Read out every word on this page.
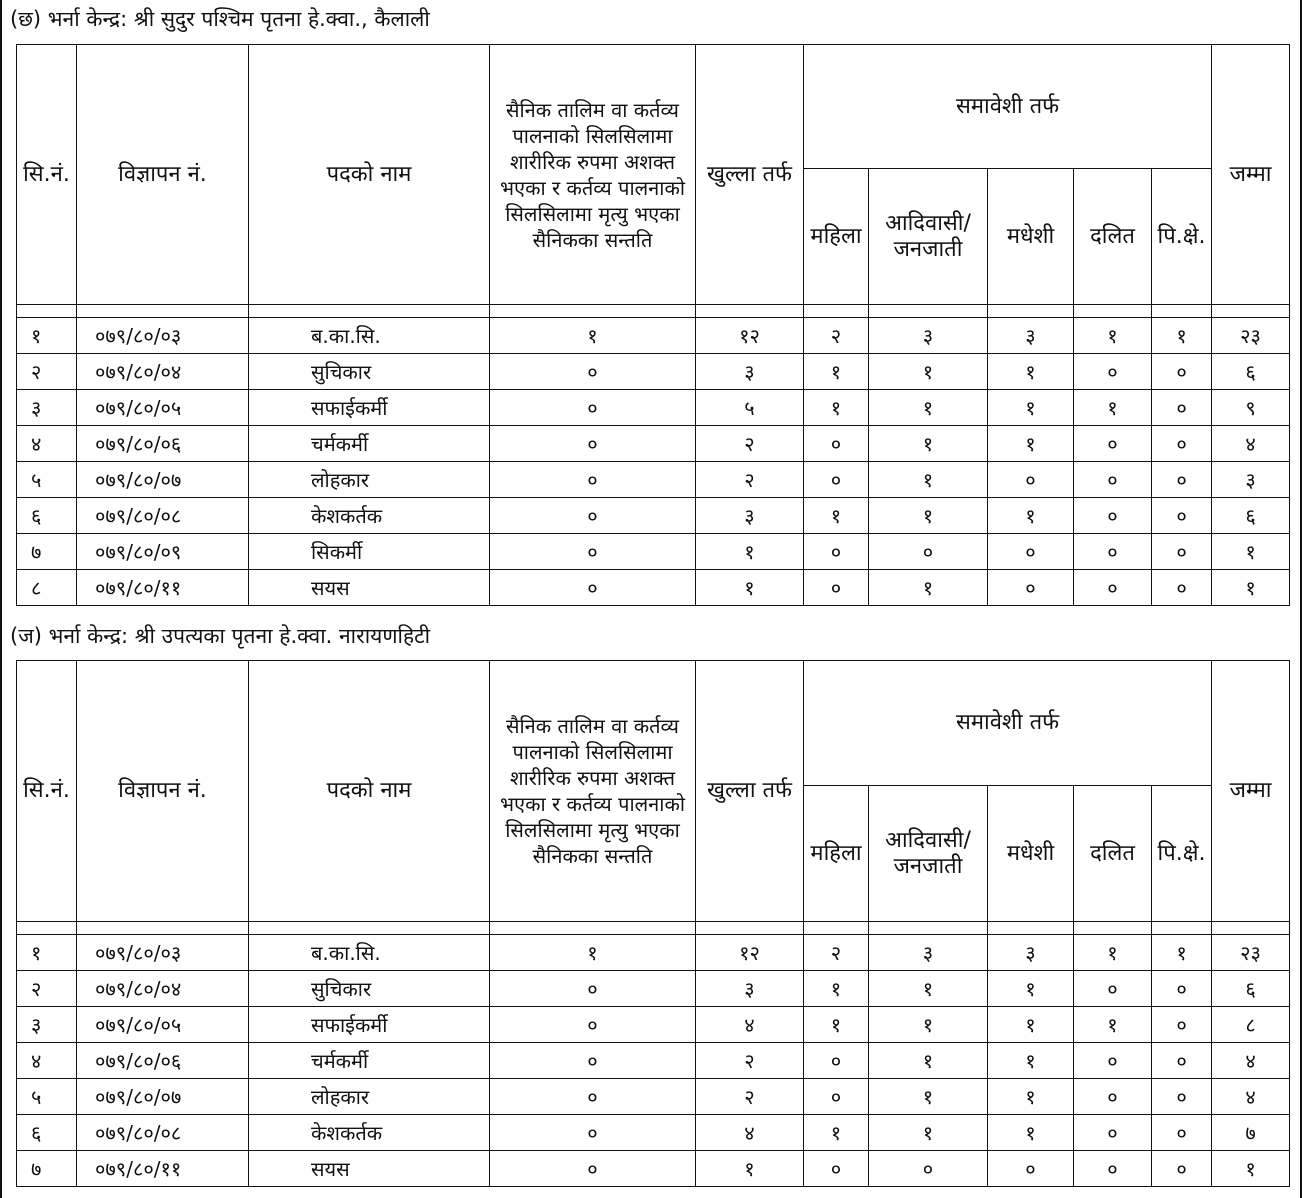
(छ) भर्ना केन्द्र: श्री सुदुर पश्चिम पृतना हे.क्वा., कैलाली
सि.नं.	विज्ञापन नं.	पदको नाम	सैनिक तालिम वा कर्तव्य पालनाको सिलसिलामा शारीरिक रुपमा अशक्त भएका र कर्तव्य पालनाको सिलसिलामा मृत्यु भएका सैनिकका सन्तति	खुल्ला तर्फ	समावेशी तर्फ					जम्मा
					महिला	आदिवासी/ जनजाती	मधेशी	दलित	पि.क्षे.	

१	०७९/८०/०३	ब.का.सि.	१	१२	२	३	३	१	१	२३
२	०७९/८०/०४	सुचिकार	०	३	१	१	१	०	०	६
३	०७९/८०/०५	सफाईकर्मी	०	५	१	१	१	१	०	९
४	०७९/८०/०६	चर्मकर्मी	०	२	०	१	१	०	०	४
५	०७९/८०/०७	लोहकार	०	२	०	१	०	०	०	३
६	०७९/८०/०८	केशकर्तक	०	३	१	१	१	०	०	६
७	०७९/८०/०९	सिकर्मी	०	१	०	०	०	०	०	१
८	०७९/८०/११	सयस	०	१	०	१	०	०	०	१
(ज) भर्ना केन्द्र: श्री उपत्यका पृतना हे.क्वा. नारायणहिटी
सि.नं.	विज्ञापन नं.	पदको नाम	सैनिक तालिम वा कर्तव्य पालनाको सिलसिलामा शारीरिक रुपमा अशक्त भएका र कर्तव्य पालनाको सिलसिलामा मृत्यु भएका सैनिकका सन्तति	खुल्ला तर्फ	समावेशी तर्फ					जम्मा
					महिला	आदिवासी/ जनजाती	मधेशी	दलित	पि.क्षे.	

१	०७९/८०/०३	ब.का.सि.	१	१२	२	३	३	१	१	२३
२	०७९/८०/०४	सुचिकार	०	३	१	१	१	०	०	६
३	०७९/८०/०५	सफाईकर्मी	०	४	१	१	१	१	०	८
४	०७९/८०/०६	चर्मकर्मी	०	२	०	१	१	०	०	४
५	०७९/८०/०७	लोहकार	०	२	०	१	१	०	०	४
६	०७९/८०/०८	केशकर्तक	०	४	१	१	१	०	०	७
७	०७९/८०/११	सयस	०	१	०	०	०	०	०	१
